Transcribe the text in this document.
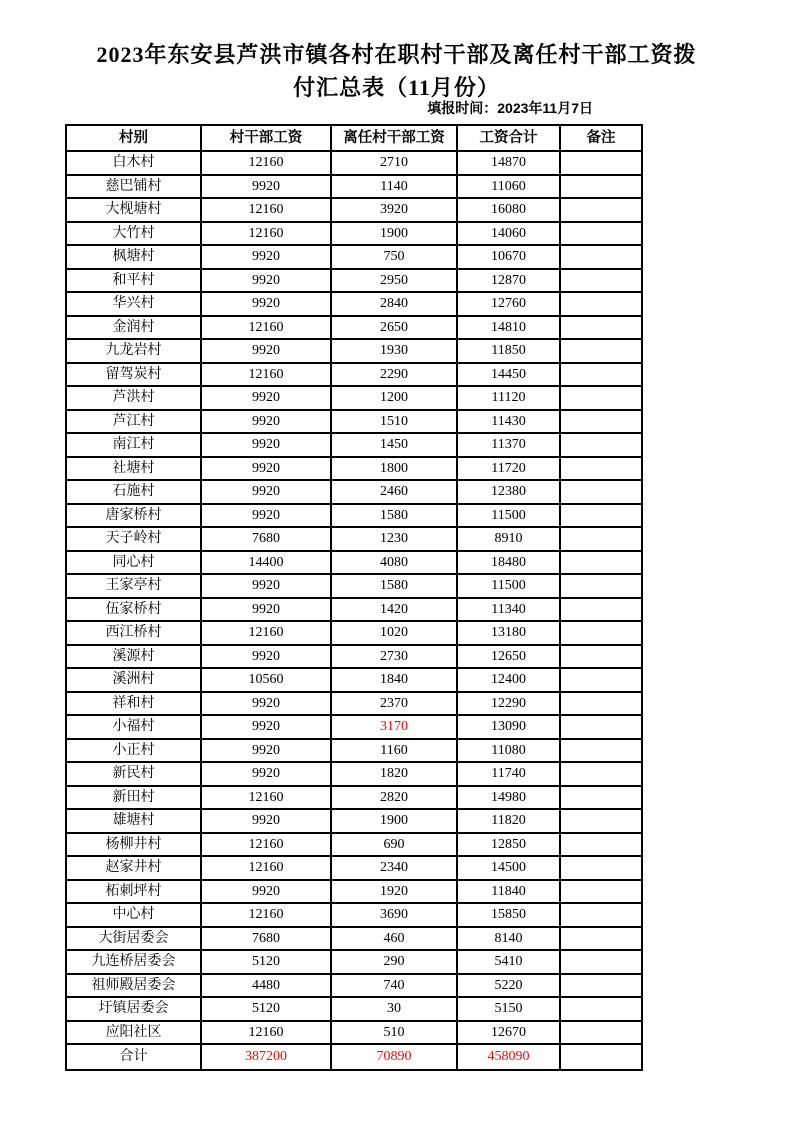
2023年东安县芦洪市镇各村在职村干部及离任村干部工资拨
付汇总表（11月份）
填报时间：2023年11月7日
村别	村干部工资	离任村干部工资	工资合计	备注
白木村	12160	2710	14870	
慈巴铺村	9920	1140	11060	
大枧塘村	12160	3920	16080	
大竹村	12160	1900	14060	
枫塘村	9920	750	10670	
和平村	9920	2950	12870	
华兴村	9920	2840	12760	
金润村	12160	2650	14810	
九龙岩村	9920	1930	11850	
留驾炭村	12160	2290	14450	
芦洪村	9920	1200	11120	
芦江村	9920	1510	11430	
南江村	9920	1450	11370	
社塘村	9920	1800	11720	
石施村	9920	2460	12380	
唐家桥村	9920	1580	11500	
天子岭村	7680	1230	8910	
同心村	14400	4080	18480	
王家亭村	9920	1580	11500	
伍家桥村	9920	1420	11340	
西江桥村	12160	1020	13180	
溪源村	9920	2730	12650	
溪洲村	10560	1840	12400	
祥和村	9920	2370	12290	
小福村	9920	3170	13090	
小正村	9920	1160	11080	
新民村	9920	1820	11740	
新田村	12160	2820	14980	
雄塘村	9920	1900	11820	
杨柳井村	12160	690	12850	
赵家井村	12160	2340	14500	
柘刺坪村	9920	1920	11840	
中心村	12160	3690	15850	
大街居委会	7680	460	8140	
九连桥居委会	5120	290	5410	
祖师殿居委会	4480	740	5220	
圩镇居委会	5120	30	5150	
应阳社区	12160	510	12670	
合计	387200	70890	458090	
